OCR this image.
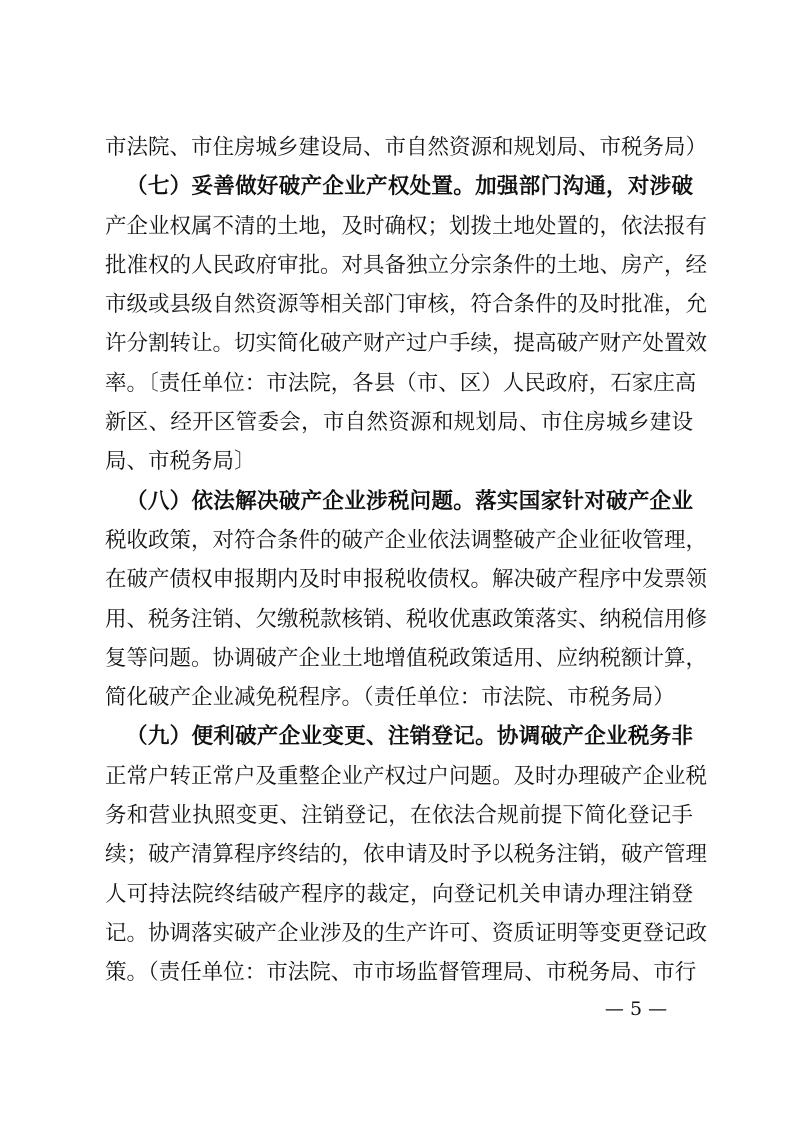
市法院、市住房城乡建设局、市自然资源和规划局、市税务局）
（七）妥善做好破产企业产权处置。加强部门沟通，对涉破
产企业权属不清的土地，及时确权；划拨土地处置的，依法报有
批准权的人民政府审批。对具备独立分宗条件的土地、房产，经
市级或县级自然资源等相关部门审核，符合条件的及时批准，允
许分割转让。切实简化破产财产过户手续，提高破产财产处置效
率。〔责任单位：市法院，各县（市、区）人民政府，石家庄高
新区、经开区管委会，市自然资源和规划局、市住房城乡建设
局、市税务局〕
（八）依法解决破产企业涉税问题。落实国家针对破产企业
税收政策，对符合条件的破产企业依法调整破产企业征收管理，
在破产债权申报期内及时申报税收债权。解决破产程序中发票领
用、税务注销、欠缴税款核销、税收优惠政策落实、纳税信用修
复等问题。协调破产企业土地增值税政策适用、应纳税额计算，
简化破产企业减免税程序。（责任单位：市法院、市税务局）
（九）便利破产企业变更、注销登记。协调破产企业税务非
正常户转正常户及重整企业产权过户问题。及时办理破产企业税
务和营业执照变更、注销登记，在依法合规前提下简化登记手
续；破产清算程序终结的，依申请及时予以税务注销，破产管理
人可持法院终结破产程序的裁定，向登记机关申请办理注销登
记。协调落实破产企业涉及的生产许可、资质证明等变更登记政
策。（责任单位：市法院、市市场监督管理局、市税务局、市行
— 5 —
